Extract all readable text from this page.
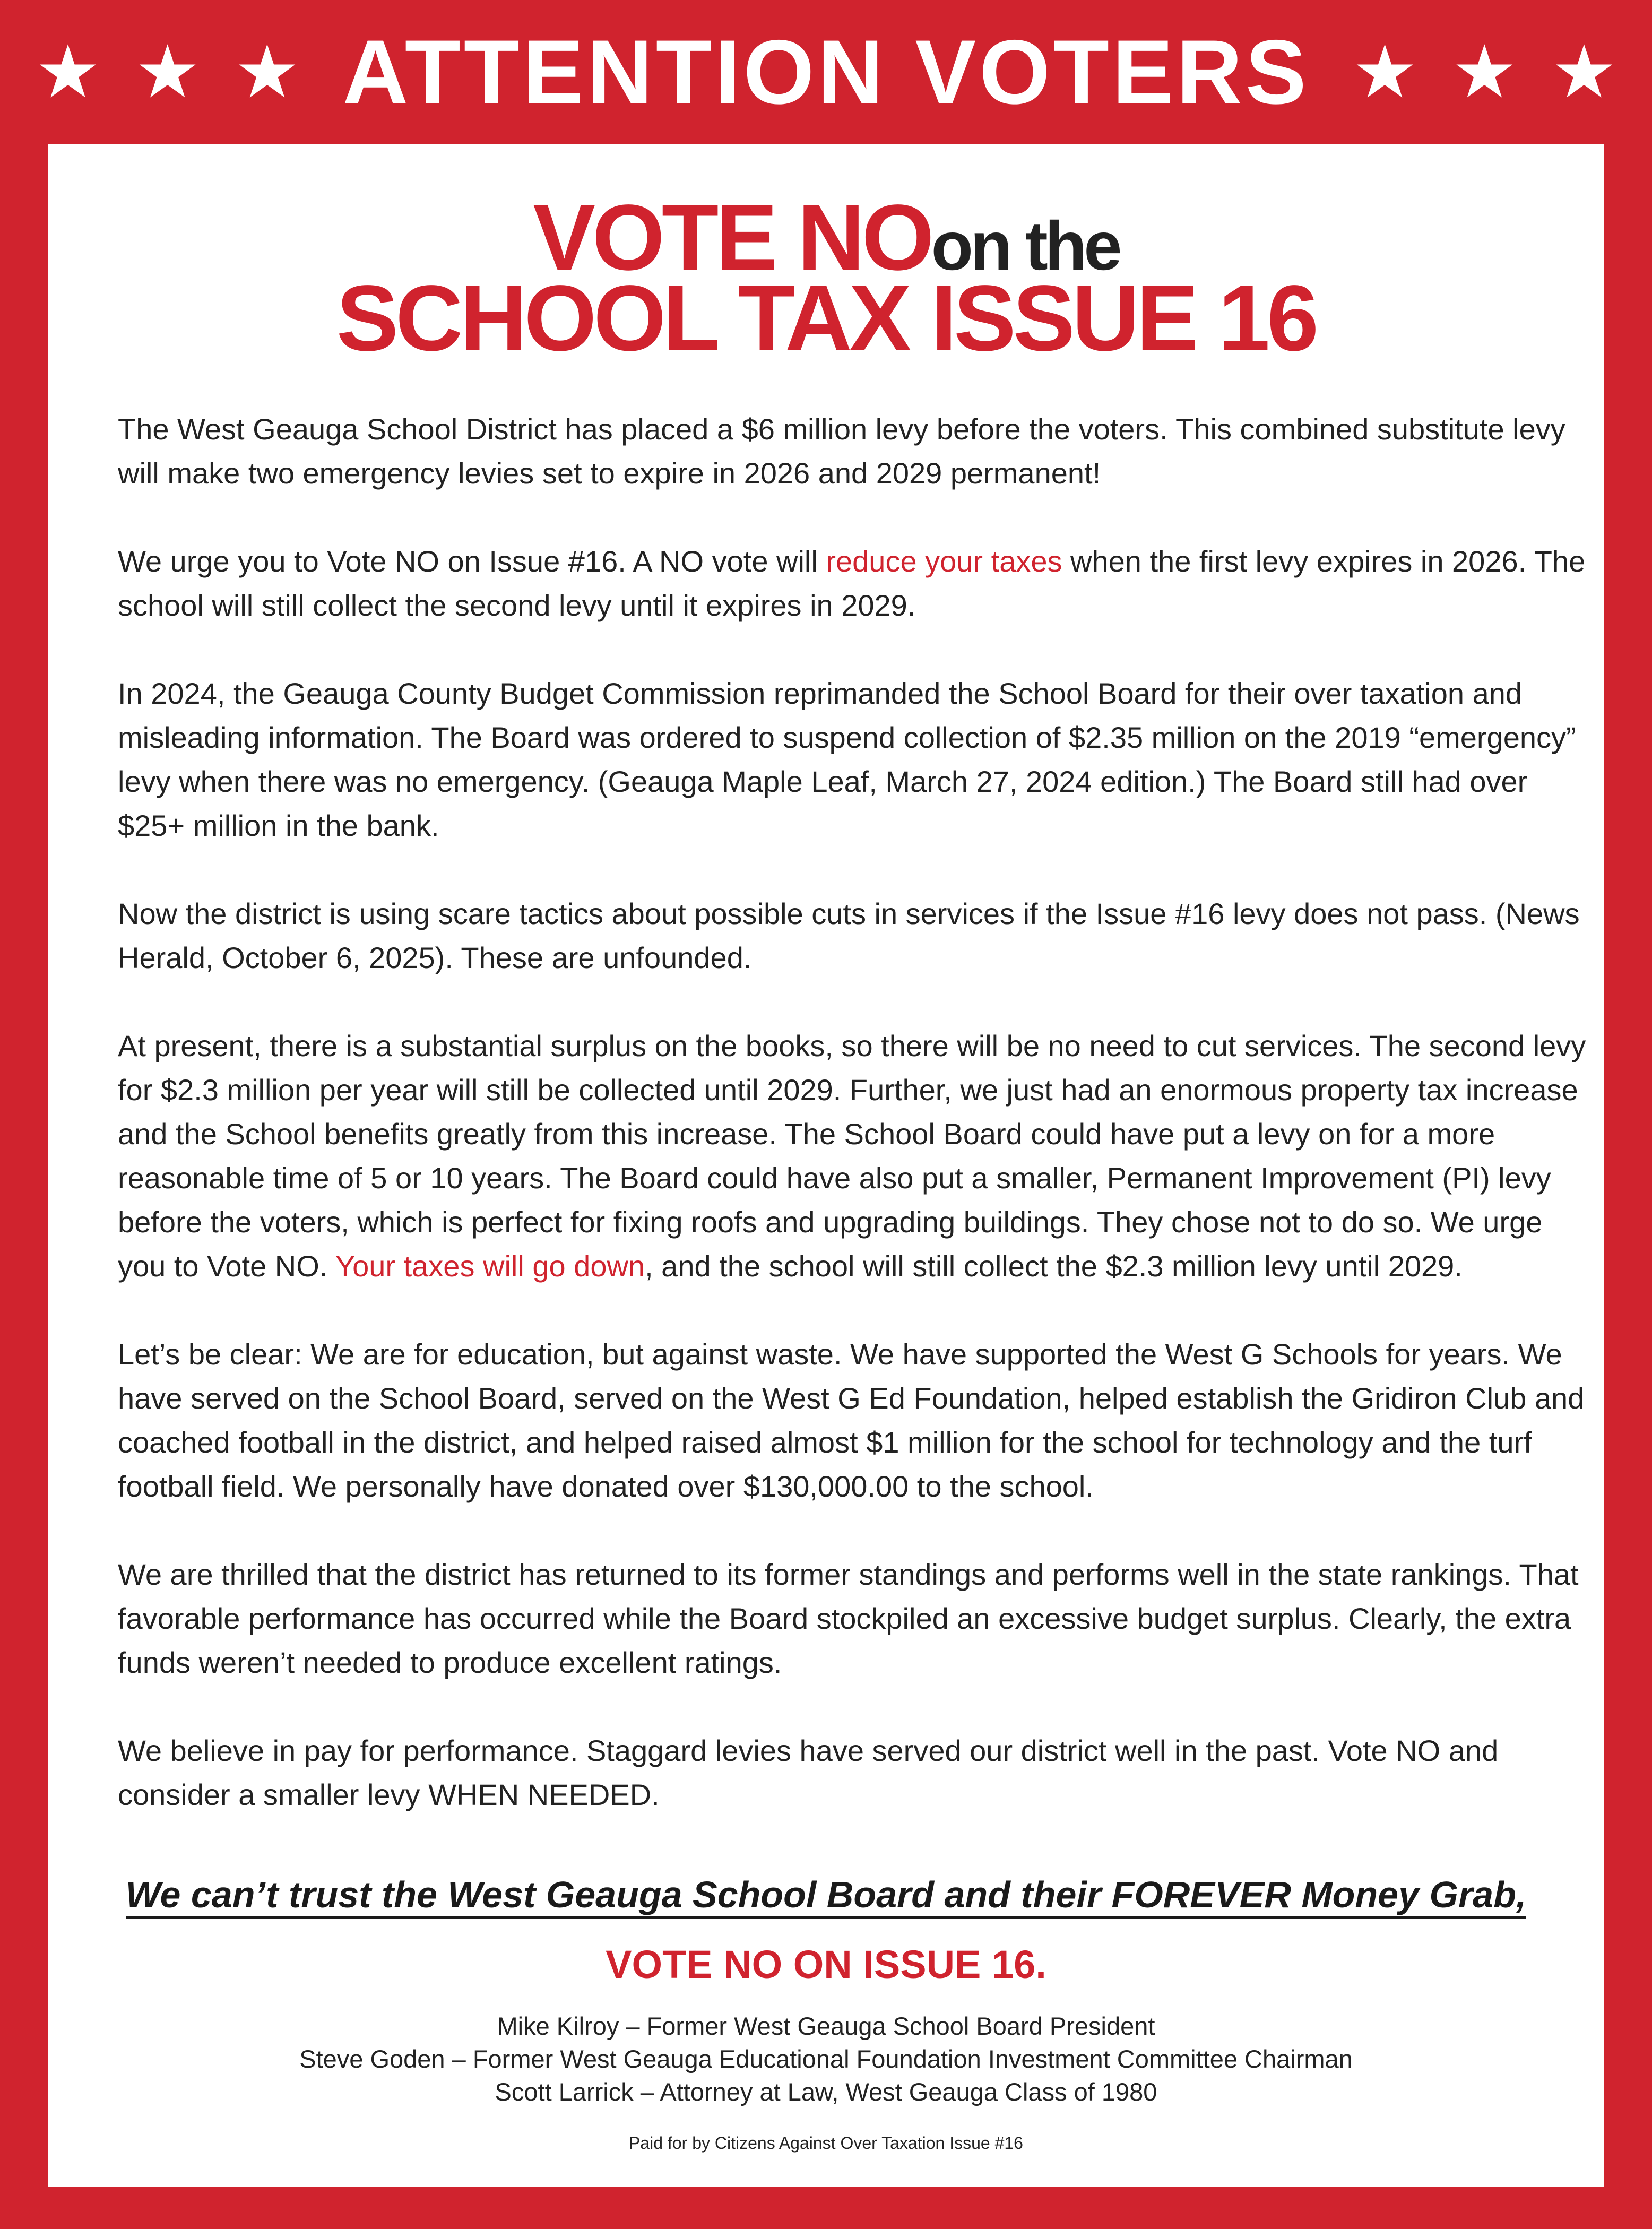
★ ★ ★ ATTENTION VOTERS ★ ★ ★
VOTE NO on the
SCHOOL TAX ISSUE 16

The West Geauga School District has placed a $6 million levy before the voters. This combined substitute levy will make two emergency levies set to expire in 2026 and 2029 permanent!

We urge you to Vote NO on Issue #16. A NO vote will reduce your taxes when the first levy expires in 2026. The school will still collect the second levy until it expires in 2029.

In 2024, the Geauga County Budget Commission reprimanded the School Board for their over taxation and misleading information. The Board was ordered to suspend collection of $2.35 million on the 2019 “emergency” levy when there was no emergency. (Geauga Maple Leaf, March 27, 2024 edition.) The Board still had over $25+ million in the bank.

Now the district is using scare tactics about possible cuts in services if the Issue #16 levy does not pass. (News Herald, October 6, 2025). These are unfounded.

At present, there is a substantial surplus on the books, so there will be no need to cut services. The second levy for $2.3 million per year will still be collected until 2029. Further, we just had an enormous property tax increase and the School benefits greatly from this increase. The School Board could have put a levy on for a more reasonable time of 5 or 10 years. The Board could have also put a smaller, Permanent Improvement (PI) levy before the voters, which is perfect for fixing roofs and upgrading buildings. They chose not to do so. We urge you to Vote NO. Your taxes will go down, and the school will still collect the $2.3 million levy until 2029.

Let’s be clear: We are for education, but against waste. We have supported the West G Schools for years. We have served on the School Board, served on the West G Ed Foundation, helped establish the Gridiron Club and coached football in the district, and helped raised almost $1 million for the school for technology and the turf football field. We personally have donated over $130,000.00 to the school.

We are thrilled that the district has returned to its former standings and performs well in the state rankings. That favorable performance has occurred while the Board stockpiled an excessive budget surplus. Clearly, the extra funds weren’t needed to produce excellent ratings.

We believe in pay for performance. Staggard levies have served our district well in the past. Vote NO and consider a smaller levy WHEN NEEDED.

We can’t trust the West Geauga School Board and their FOREVER Money Grab,
VOTE NO ON ISSUE 16.
Mike Kilroy – Former West Geauga School Board President
Steve Goden – Former West Geauga Educational Foundation Investment Committee Chairman
Scott Larrick – Attorney at Law, West Geauga Class of 1980
Paid for by Citizens Against Over Taxation Issue #16
